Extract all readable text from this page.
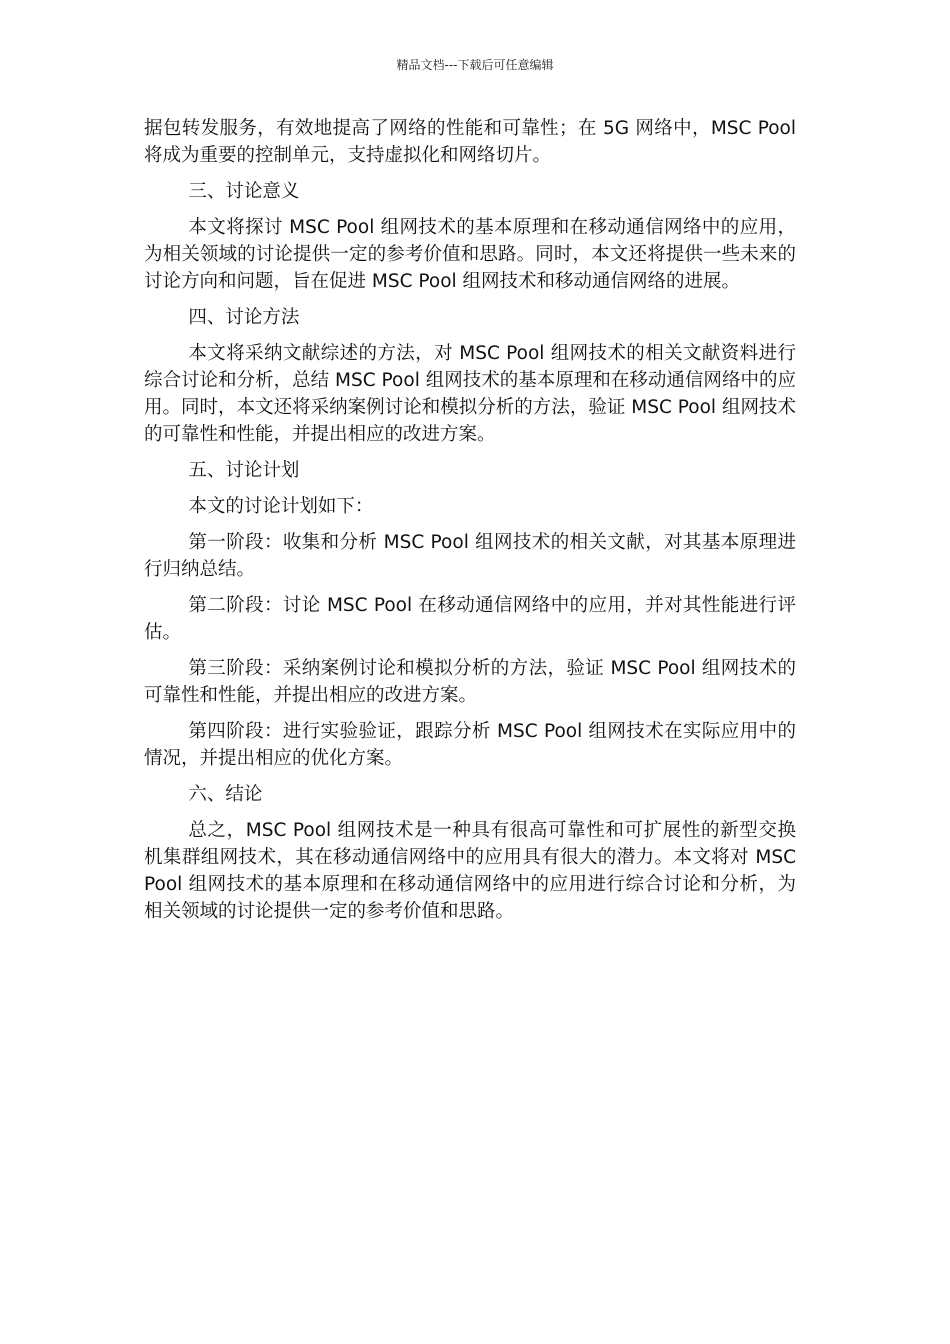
精品文档---下载后可任意编辑

据包转发服务，有效地提高了网络的性能和可靠性；在 5G 网络中，MSC Pool 将成为重要的控制单元，支持虚拟化和网络切片。

三、讨论意义

本文将探讨 MSC Pool 组网技术的基本原理和在移动通信网络中的应用，为相关领域的讨论提供一定的参考价值和思路。同时，本文还将提供一些未来的讨论方向和问题，旨在促进 MSC Pool 组网技术和移动通信网络的进展。

四、讨论方法

本文将采纳文献综述的方法，对 MSC Pool 组网技术的相关文献资料进行综合讨论和分析，总结 MSC Pool 组网技术的基本原理和在移动通信网络中的应用。同时，本文还将采纳案例讨论和模拟分析的方法，验证 MSC Pool 组网技术的可靠性和性能，并提出相应的改进方案。

五、讨论计划

本文的讨论计划如下：

第一阶段：收集和分析 MSC Pool 组网技术的相关文献，对其基本原理进行归纳总结。

第二阶段：讨论 MSC Pool 在移动通信网络中的应用，并对其性能进行评估。

第三阶段：采纳案例讨论和模拟分析的方法，验证 MSC Pool 组网技术的可靠性和性能，并提出相应的改进方案。

第四阶段：进行实验验证，跟踪分析 MSC Pool 组网技术在实际应用中的情况，并提出相应的优化方案。

六、结论

总之，MSC Pool 组网技术是一种具有很高可靠性和可扩展性的新型交换机集群组网技术，其在移动通信网络中的应用具有很大的潜力。本文将对 MSC Pool 组网技术的基本原理和在移动通信网络中的应用进行综合讨论和分析，为相关领域的讨论提供一定的参考价值和思路。
